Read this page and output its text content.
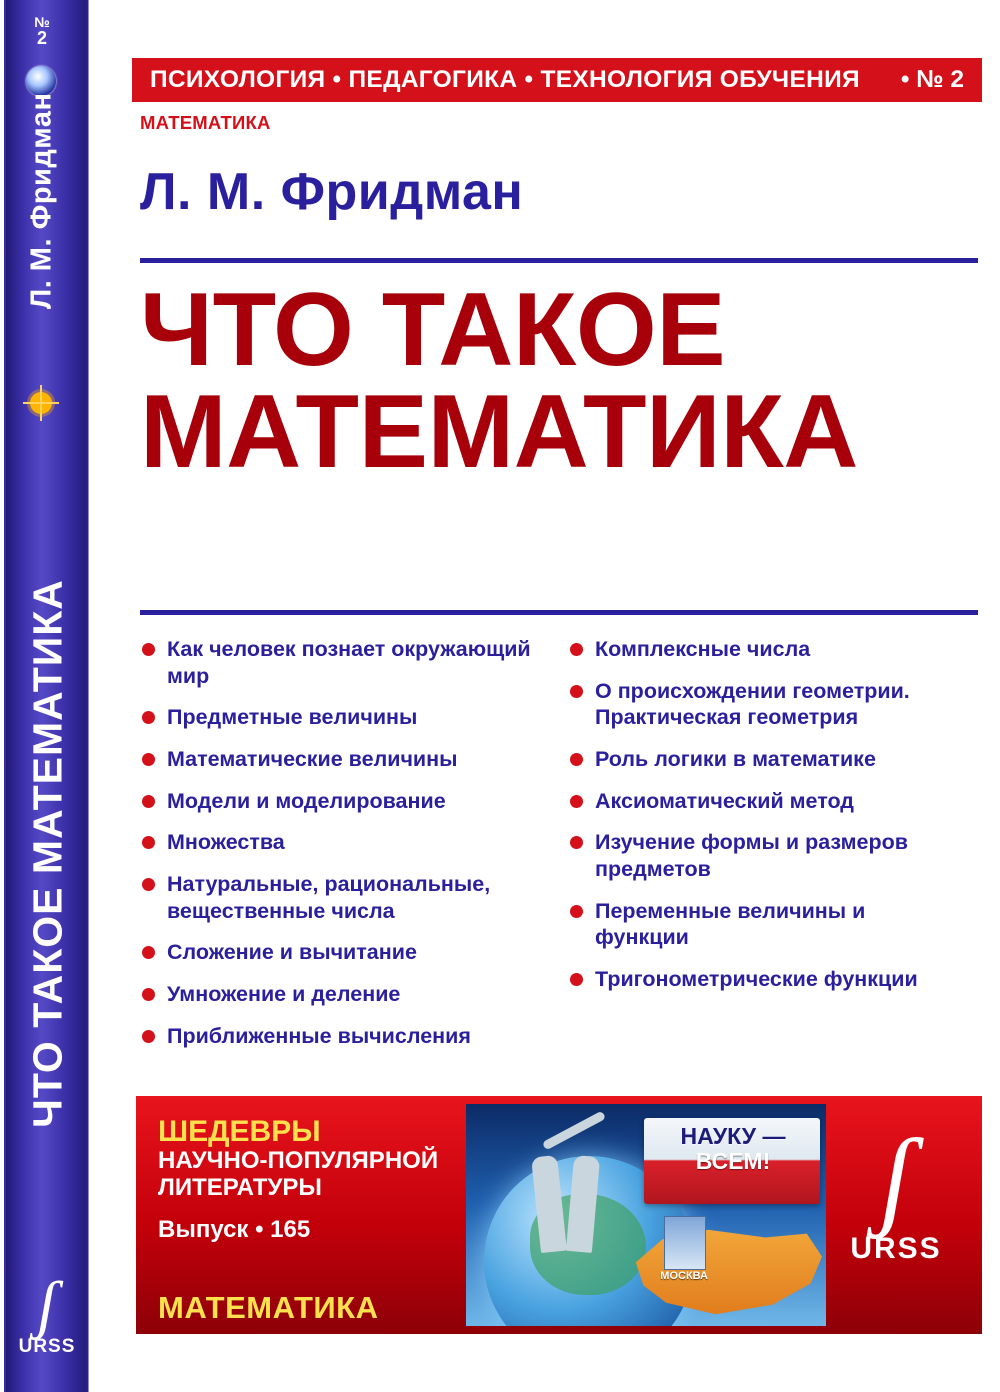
№
2
Л. М. Фридман
ЧТО ТАКОЕ МАТЕМАТИКА
ʃ
URSS
ПСИХОЛОГИЯ • ПЕДАГОГИКА • ТЕХНОЛОГИЯ ОБУЧЕНИЯ • № 2
МАТЕМАТИКА
Л. М. Фридман
ЧТО ТАКОЕ
МАТЕМАТИКА
Как человек познает окружающий мир
Предметные величины
Математические величины
Модели и моделирование
Множества
Натуральные, рациональные, вещественные числа
Сложение и вычитание
Умножение и деление
Приближенные вычисления
Комплексные числа
О происхождении геометрии. Практическая геометрия
Роль логики в математике
Аксиоматический метод
Изучение формы и размеров предметов
Переменные величины и функции
Тригонометрические функции
ШЕДЕВРЫ
НАУЧНО-ПОПУЛЯРНОЙ
ЛИТЕРАТУРЫ
Выпуск • 165
МАТЕМАТИКА
МОСКВА
НАУКУ —
ВСЕМ! ʃ
URSS
